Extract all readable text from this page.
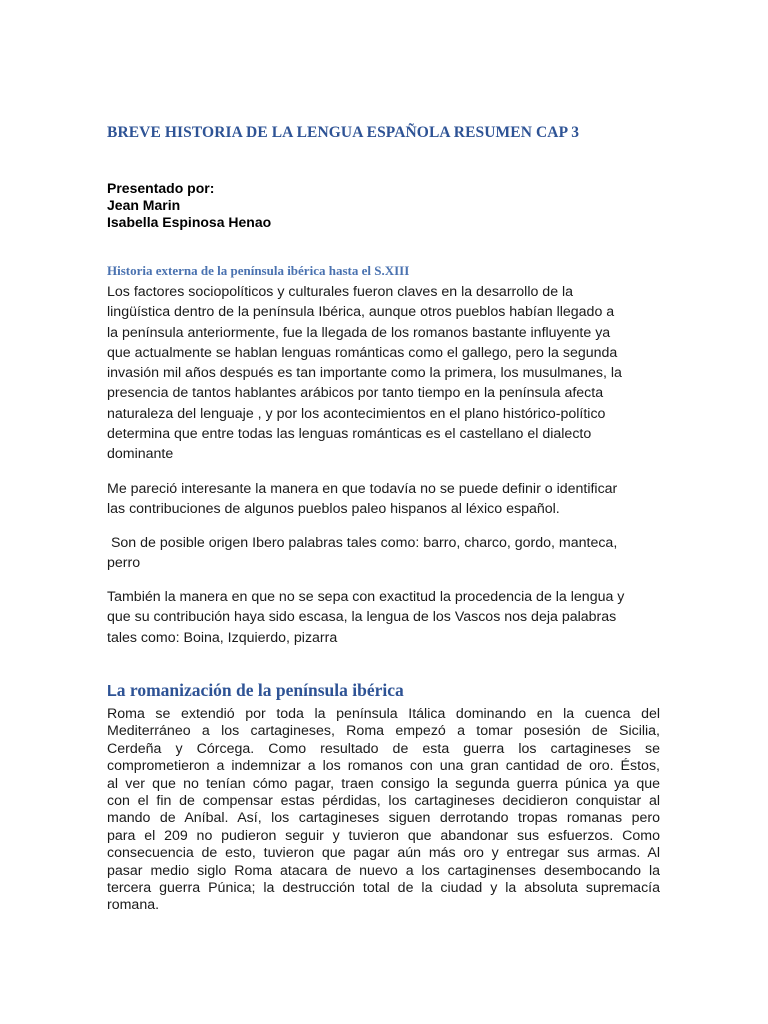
BREVE HISTORIA DE LA LENGUA ESPAÑOLA RESUMEN CAP 3
Presentado por:
Jean Marin
Isabella Espinosa Henao
Historia externa de la península ibérica hasta el S.XIII
Los factores sociopolíticos y culturales fueron claves en la desarrollo de la
lingüística dentro de la península Ibérica, aunque otros pueblos habían llegado a
la península anteriormente, fue la llegada de los romanos bastante influyente ya
que actualmente se hablan lenguas románticas como el gallego, pero la segunda
invasión mil años después es tan importante como la primera, los musulmanes, la
presencia de tantos hablantes arábicos por tanto tiempo en la península afecta
naturaleza del lenguaje , y por los acontecimientos en el plano histórico-político
determina que entre todas las lenguas románticas es el castellano el dialecto
dominante
Me pareció interesante la manera en que todavía no se puede definir o identificar
las contribuciones de algunos pueblos paleo hispanos al léxico español.
Son de posible origen Ibero palabras tales como: barro, charco, gordo, manteca,
perro
También la manera en que no se sepa con exactitud la procedencia de la lengua y
que su contribución haya sido escasa, la lengua de los Vascos nos deja palabras
tales como: Boina, Izquierdo, pizarra
La romanización de la península ibérica
Roma se extendió por toda la península Itálica dominando en la cuenca del
Mediterráneo a los cartagineses, Roma empezó a tomar posesión de Sicilia,
Cerdeña y Córcega. Como resultado de esta guerra los cartagineses se
comprometieron a indemnizar a los romanos con una gran cantidad de oro. Éstos,
al ver que no tenían cómo pagar, traen consigo la segunda guerra púnica ya que
con el fin de compensar estas pérdidas, los cartagineses decidieron conquistar al
mando de Aníbal. Así, los cartagineses siguen derrotando tropas romanas pero
para el 209 no pudieron seguir y tuvieron que abandonar sus esfuerzos. Como
consecuencia de esto, tuvieron que pagar aún más oro y entregar sus armas. Al
pasar medio siglo Roma atacara de nuevo a los cartaginenses desembocando la
tercera guerra Púnica; la destrucción total de la ciudad y la absoluta supremacía
romana.
